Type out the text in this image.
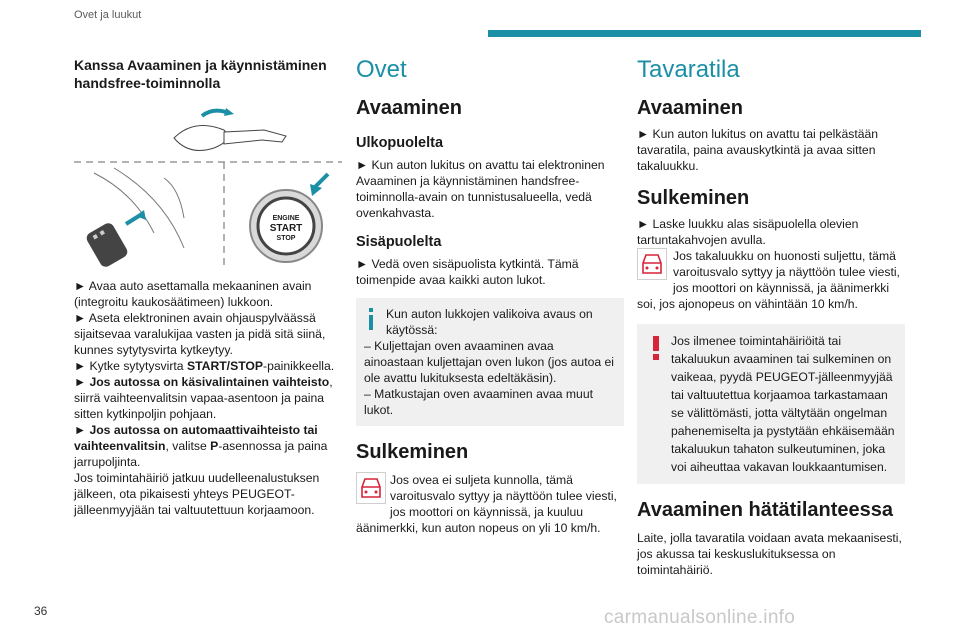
Ovet ja luukut

Kanssa Avaaminen ja käynnistäminen handsfree-toiminnolla

ENGINE
START
STOP

► Avaa auto asettamalla mekaaninen avain (integroitu kaukosäätimeen) lukkoon.

► Aseta elektroninen avain ohjauspylväässä sijaitsevaa varalukijaa vasten ja pidä sitä siinä, kunnes sytytysvirta kytkeytyy.

► Kytke sytytysvirta START/STOP-painikkeella.

► Jos autossa on käsivalintainen vaihteisto, siirrä vaihteenvalitsin vapaa-asentoon ja paina sitten kytkinpoljin pohjaan.

► Jos autossa on automaattivaihteisto tai vaihteenvalitsin, valitse P-asennossa ja paina jarrupoljinta.

Jos toimintahäiriö jatkuu uudelleenalustuksen jälkeen, ota pikaisesti yhteys PEUGEOT-jälleenmyyjään tai valtuutettuun korjaamoon.

Ovet

Avaaminen

Ulkopuolelta

► Kun auton lukitus on avattu tai elektroninen Avaaminen ja käynnistäminen handsfree-toiminnolla-avain on tunnistusalueella, vedä ovenkahvasta.

Sisäpuolelta

► Vedä oven sisäpuolista kytkintä. Tämä toimenpide avaa kaikki auton lukot.

Kun auton lukkojen valikoiva avaus on käytössä:

– Kuljettajan oven avaaminen avaa ainoastaan kuljettajan oven lukon (jos autoa ei ole avattu lukituksesta edeltäkäsin).

– Matkustajan oven avaaminen avaa muut lukot.

Sulkeminen

Jos ovea ei suljeta kunnolla, tämä varoitusvalo syttyy ja näyttöön tulee viesti, jos moottori on käynnissä, ja kuuluu äänimerkki, kun auton nopeus on yli 10 km/h.

Tavaratila

Avaaminen

► Kun auton lukitus on avattu tai pelkästään tavaratila, paina avauskytkintä ja avaa sitten takaluukku.

Sulkeminen

► Laske luukku alas sisäpuolella olevien tartuntakahvojen avulla.

Jos takaluukku on huonosti suljettu, tämä varoitusvalo syttyy ja näyttöön tulee viesti, jos moottori on käynnissä, ja äänimerkki soi, jos ajonopeus on vähintään 10 km/h.

Jos ilmenee toimintahäiriöitä tai takaluukun avaaminen tai sulkeminen on vaikeaa, pyydä PEUGEOT-jälleenmyyjää tai valtuutettua korjaamoa tarkastamaan se välittömästi, jotta vältytään ongelman pahenemiselta ja pystytään ehkäisemään takaluukun tahaton sulkeutuminen, joka voi aiheuttaa vakavan loukkaantumisen.

Avaaminen hätätilanteessa

Laite, jolla tavaratila voidaan avata mekaanisesti, jos akussa tai keskuslukituksessa on toimintahäiriö.

36	carmanualsonline.info
